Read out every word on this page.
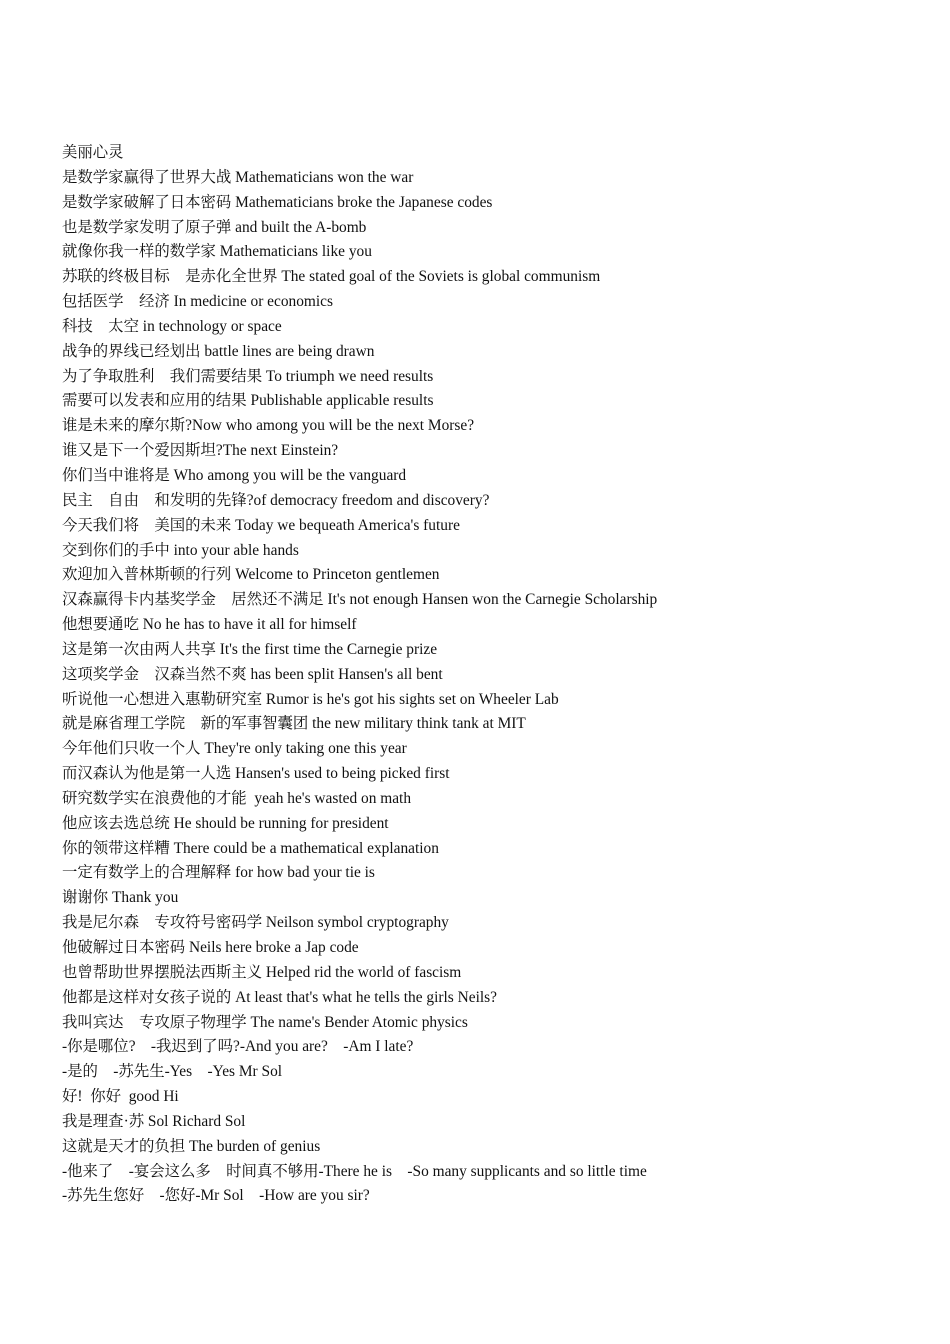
美丽心灵
是数学家赢得了世界大战 Mathematicians won the war
是数学家破解了日本密码 Mathematicians broke the Japanese codes
也是数学家发明了原子弹 and built the A-bomb
就像你我一样的数学家 Mathematicians like you
苏联的终极目标    是赤化全世界 The stated goal of the Soviets is global communism
包括医学    经济 In medicine or economics
科技    太空 in technology or space
战争的界线已经划出 battle lines are being drawn
为了争取胜利    我们需要结果 To triumph we need results
需要可以发表和应用的结果 Publishable applicable results
谁是未来的摩尔斯?Now who among you will be the next Morse?
谁又是下一个爱因斯坦?The next Einstein?
你们当中谁将是 Who among you will be the vanguard
民主    自由    和发明的先锋?of democracy freedom and discovery?
今天我们将    美国的未来 Today we bequeath America's future
交到你们的手中 into your able hands
欢迎加入普林斯顿的行列 Welcome to Princeton gentlemen
汉森赢得卡内基奖学金    居然还不满足 It's not enough Hansen won the Carnegie Scholarship
他想要通吃 No he has to have it all for himself
这是第一次由两人共享 It's the first time the Carnegie prize
这项奖学金    汉森当然不爽 has been split Hansen's all bent
听说他一心想进入惠勒研究室 Rumor is he's got his sights set on Wheeler Lab
就是麻省理工学院    新的军事智囊团 the new military think tank at MIT
今年他们只收一个人 They're only taking one this year
而汉森认为他是第一人选 Hansen's used to being picked first
研究数学实在浪费他的才能  yeah he's wasted on math
他应该去选总统 He should be running for president
你的领带这样糟 There could be a mathematical explanation
一定有数学上的合理解释 for how bad your tie is
谢谢你 Thank you
我是尼尔森    专攻符号密码学 Neilson symbol cryptography
他破解过日本密码 Neils here broke a Jap code
也曾帮助世界摆脱法西斯主义 Helped rid the world of fascism
他都是这样对女孩子说的 At least that's what he tells the girls Neils?
我叫宾达    专攻原子物理学 The name's Bender Atomic physics
-你是哪位?    -我迟到了吗?-And you are?    -Am I late?
-是的    -苏先生-Yes    -Yes Mr Sol
好!  你好  good Hi
我是理查·苏 Sol Richard Sol
这就是天才的负担 The burden of genius
-他来了    -宴会这么多    时间真不够用-There he is    -So many supplicants and so little time
-苏先生您好    -您好-Mr Sol    -How are you sir?
